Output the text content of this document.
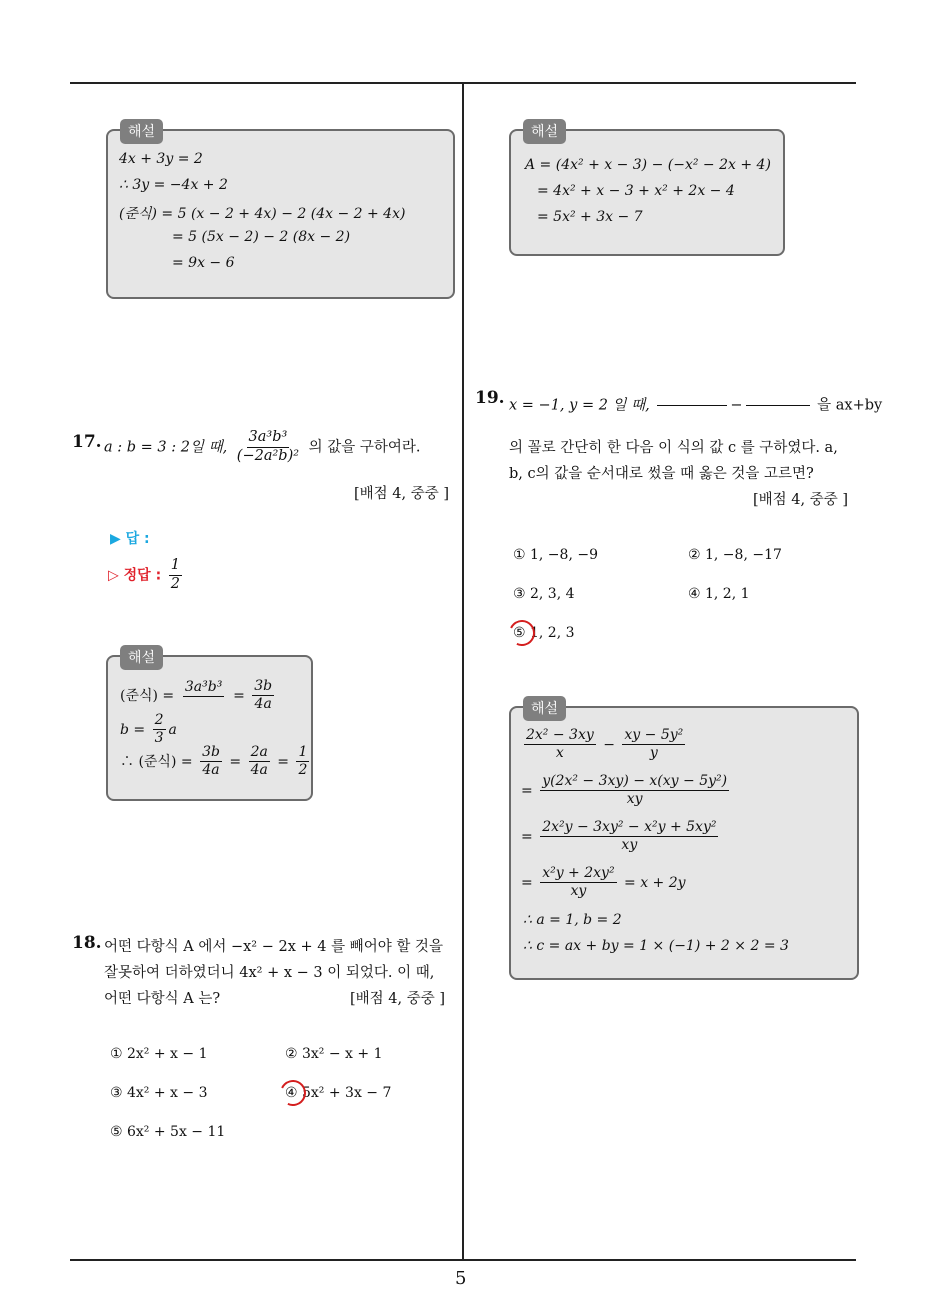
5
해설
4x + 3y = 2
∴ 3y = −4x + 2
(준식) = 5 (x − 2 + 4x) − 2 (4x − 2 + 4x)
= 5 (5x − 2) − 2 (8x − 2)
= 9x − 6
17. a : b = 3 : 2일 때, $\frac{\text{3a³b³}}{\text{(−2a²b)²}}$ 의 값을 구하여라.
[배점 4, 중중 ]
▶ 답 :
▷ 정답 : $\frac{1}{2}$
해설
(준식) =
3a³b³
= $\frac{3b}{4a}$
$b = \frac{2}{3}$ a
∴ (준식) = $\frac{3b}{4a} = \frac{2a}{4a} = \frac{1}{2}$
18. 어떤 다항식 A 에서 −x² − 2x + 4 를 빼어야 할 것을
잘못하여 더하였더니 4x² + x − 3 이 되었다. 이 때,
어떤 다항식 A 는?	[배점 4, 중중 ]
① 2x² + x − 1	② 3x² − x + 1
③ 4x² + x − 3	④ 5x² + 3x − 7
⑤ 6x² + 5x − 11
해설
A = (4x² + x − 3) − (−x² − 2x + 4)
= 4x² + x − 3 + x² + 2x − 4
= 5x² + 3x − 7
19. x = −1, y = 2 일 때,	−	을 ax+by
의 꼴로 간단히 한 다음 이 식의 값 c 를 구하였다. a,
b, c의 값을 순서대로 썼을 때 옳은 것을 고르면?
[배점 4, 중중 ]
① 1, −8, −9	② 1, −8, −17
③ 2, 3, 4	④ 1, 2, 1
⑤ 1, 2, 3
해설
$\frac{\text{2x² − 3xy}}{x} - \frac{\text{xy − 5y²}}{y}$
= $\frac{\text{y(2x² − 3xy) − x(xy − 5y²)}}{xy}$
= $\frac{\text{2x²y − 3xy² − x²y + 5xy²}}{xy}$
= $\frac{\text{x²y + 2xy²}}{xy} = x + 2y$
∴ a = 1, b = 2
∴ c = ax + by = 1 × (−1) + 2 × 2 = 3
